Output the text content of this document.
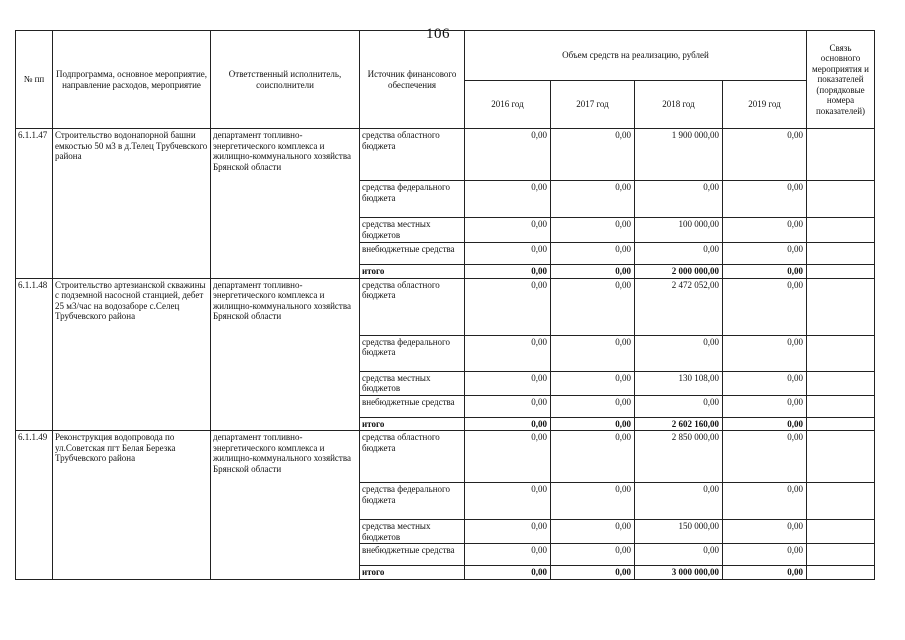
106
№ пп	Подпрограмма, основное мероприятие, направление расходов, мероприятие	Ответственный исполнитель, соисполнители	Источник финансового обеспечения	Объем средств на реализацию, рублей				Связь основного мероприятия и показателей (порядковые номера показателей)
				2016 год	2017 год	2018 год	2019 год	
6.1.1.47	Строительство водонапорной башни емкостью 50 м3 в д.Телец Трубчевского района	департамент топливно-энергетического комплекса и жилищно-коммунального хозяйства Брянской области	средства областного бюджета	0,00	0,00	1 900 000,00	0,00	
			средства федерального бюджета	0,00	0,00	0,00	0,00	
			средства местных бюджетов	0,00	0,00	100 000,00	0,00	
			внебюджетные средства	0,00	0,00	0,00	0,00	
			итого	0,00	0,00	2 000 000,00	0,00	
6.1.1.48	Строительство артезианской скважины с подземной насосной станцией, дебет 25 м3/час на водозаборе с.Селец Трубчевского района	департамент топливно-энергетического комплекса и жилищно-коммунального хозяйства Брянской области	средства областного бюджета	0,00	0,00	2 472 052,00	0,00	
			средства федерального бюджета	0,00	0,00	0,00	0,00	
			средства местных бюджетов	0,00	0,00	130 108,00	0,00	
			внебюджетные средства	0,00	0,00	0,00	0,00	
			итого	0,00	0,00	2 602 160,00	0,00	
6.1.1.49	Реконструкция водопровода по ул.Советская пгт Белая Березка Трубчевского района	департамент топливно-энергетического комплекса и жилищно-коммунального хозяйства Брянской области	средства областного бюджета	0,00	0,00	2 850 000,00	0,00	
			средства федерального бюджета	0,00	0,00	0,00	0,00	
			средства местных бюджетов	0,00	0,00	150 000,00	0,00	
			внебюджетные средства	0,00	0,00	0,00	0,00	
			итого	0,00	0,00	3 000 000,00	0,00	
